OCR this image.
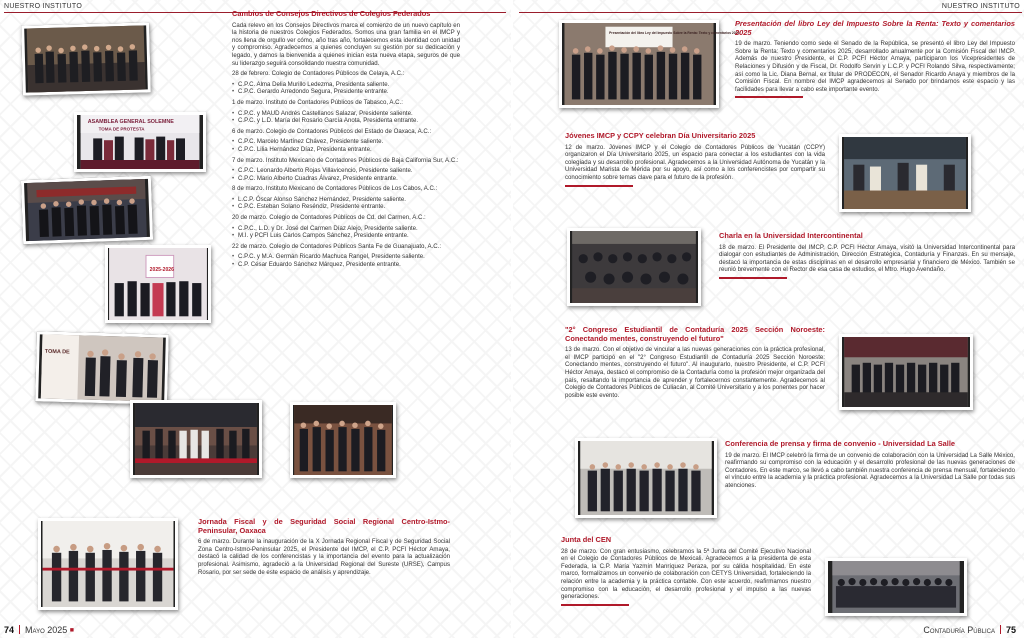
NUESTRO INSTITUTO
ASAMBLEA GENERAL SOLEMNE
TOMA DE PROTESTA
2025-2026
TOMA DE
Cambios de Consejos Directivos de Colegios Federados

Cada relevo en los Consejos Directivos marca el comienzo de un nuevo capítulo en la historia de nuestros Colegios Federados. Somos una gran familia en el IMCP y nos llena de orgullo ver cómo, año tras año, fortalecemos esta identidad con unidad y compromiso. Agradecemos a quienes concluyen su gestión por su dedicación y legado, y damos la bienvenida a quienes inician esta nueva etapa, seguros de que su liderazgo seguirá consolidando nuestra comunidad.

28 de febrero. Colegio de Contadores Públicos de Celaya, A.C.:

• C.P.C. Alma Delia Murillo Ledezma, Presidenta saliente.
• C.P.C. Gerardo Arredondo Segura, Presidente entrante.

1 de marzo. Instituto de Contadores Públicos de Tabasco, A.C.:

• C.P.C. y MAUD Andrés Castellanos Salazar, Presidente saliente.
• C.P.C. y L.D. María del Rosario García Anota, Presidenta entrante.

6 de marzo. Colegio de Contadores Públicos del Estado de Oaxaca, A.C.:

• C.P.C. Marcelo Martínez Chávez, Presidente saliente.
• C.P.C. Lilia Hernández Díaz, Presidenta entrante.

7 de marzo. Instituto Mexicano de Contadores Públicos de Baja California Sur, A.C.:

• C.P.C. Leonardo Alberto Rojas Villavicencio, Presidente saliente.
• C.P.C. Mario Alberto Cuadras Álvarez, Presidente entrante.

8 de marzo. Instituto Mexicano de Contadores Públicos de Los Cabos, A.C.:

• L.C.P. Óscar Alonso Sánchez Hernández, Presidente saliente.
• C.P.C. Esteban Solano Reséndiz, Presidente entrante.

20 de marzo. Colegio de Contadores Públicos de Cd. del Carmen, A.C.:

• C.P.C., L.D. y Dr. José del Carmen Díaz Alejo, Presidente saliente.
• M.I. y PCFI Luis Carlos Campos Sánchez, Presidente entrante.

22 de marzo. Colegio de Contadores Públicos Santa Fe de Guanajuato, A.C.:

• C.P.C. y M.A. Germán Ricardo Machuca Rangel, Presidente saliente.
• C.P. César Eduardo Sánchez Márquez, Presidente entrante.
Jornada Fiscal y de Seguridad Social Regional Centro-Istmo-Peninsular, Oaxaca

6 de marzo. Durante la inauguración de la X Jornada Regional Fiscal y de Seguridad Social Zona Centro-Istmo-Peninsular 2025, el Presidente del IMCP, el C.P. PCFI Héctor Amaya, destacó la calidad de los conferencistas y la importancia del evento para la actualización profesional. Asimismo, agradeció a la Universidad Regional del Sureste (URSE), Campus Rosario, por ser sede de este espacio de análisis y aprendizaje.

74 Mayo 2025 ■
NUESTRO INSTITUTO
Presentación del libro Ley del Impuesto Sobre la Renta: Texto y comentarios 2025
Presentación del libro Ley del Impuesto Sobre la Renta: Texto y comentarios 2025

19 de marzo. Teniendo como sede el Senado de la República, se presentó el libro Ley del Impuesto Sobre la Renta: Texto y comentarios 2025, desarrollado anualmente por la Comisión Fiscal del IMCP. Además de nuestro Presidente, el C.P. PCFI Héctor Amaya, participaron los Vicepresidentes de Relaciones y Difusión y de Fiscal, Dr. Rodolfo Servín y L.C.P. y PCFI Rolando Silva, respectivamente; así como la Lic. Diana Bernal, ex titular de PRODECON, el Senador Ricardo Anaya y miembros de la Comisión Fiscal. En nombre del IMCP agradecemos al Senado por brindarnos este espacio y las facilidades para llevar a cabo este importante evento.

Jóvenes IMCP y CCPY celebran Día Universitario 2025

12 de marzo. Jóvenes IMCP y el Colegio de Contadores Públicos de Yucatán (CCPY) organizaron el Día Universitario 2025, un espacio para conectar a los estudiantes con la vida colegiada y su desarrollo profesional. Agradecemos a la Universidad Autónoma de Yucatán y la Universidad Marista de Mérida por su apoyo, así como a los conferencistes por compartir su conocimiento sobre temas clave para el futuro de la profesión.

Charla en la Universidad Intercontinental

18 de marzo. El Presidente del IMCP, C.P. PCFI Héctor Amaya, visitó la Universidad Intercontinental para dialogar con estudiantes de Administración, Dirección Estratégica, Contaduría y Finanzas. En su mensaje, destacó la importancia de estas disciplinas en el desarrollo empresarial y financiero de México. También se reunió brevemente con el Rector de esa casa de estudios, el Mtro. Hugo Avendaño.

"2° Congreso Estudiantil de Contaduría 2025 Sección Noroeste: Conectando mentes, construyendo el futuro"

13 de marzo. Con el objetivo de vincular a las nuevas generaciones con la práctica profesional, el IMCP participó en el "2° Congreso Estudiantil de Contaduría 2025 Sección Noroeste: Conectando mentes, construyendo el futuro". Al inaugurarlo, nuestro Presidente, el C.P. PCFI Héctor Amaya, destacó el compromiso de la Contaduría como la profesión mejor organizada del país, resaltando la importancia de aprender y fortalecernos constantemente. Agradecemos al Colegio de Contadores Públicos de Culiacán, al Comité Universitario y a los ponentes por hacer posible este evento.

Conferencia de prensa y firma de convenio - Universidad La Salle

19 de marzo. El IMCP celebró la firma de un convenio de colaboración con la Universidad La Salle México, reafirmando su compromiso con la educación y el desarrollo profesional de las nuevas generaciones de Contadores. En este marco, se llevó a cabo también nuestra conferencia de prensa mensual, fortaleciendo el vínculo entre la academia y la práctica profesional. Agradecemos a la Universidad La Salle por todas sus atenciones.

Junta del CEN

28 de marzo. Con gran entusiasmo, celebramos la 5ª Junta del Comité Ejecutivo Nacional en el Colegio de Contadores Públicos de Mexicali. Agradecemos a la presidenta de esta Federada, la C.P. María Yazmín Manríquez Peraza, por su cálida hospitalidad. En este marco, formalizamos un convenio de colaboración con CETYS Universidad, fortaleciendo la relación entre la academia y la práctica contable. Con este acuerdo, reafirmamos nuestro compromiso con la educación, el desarrollo profesional y el impulso a las nuevas generaciones.

Contaduría Pública 75
